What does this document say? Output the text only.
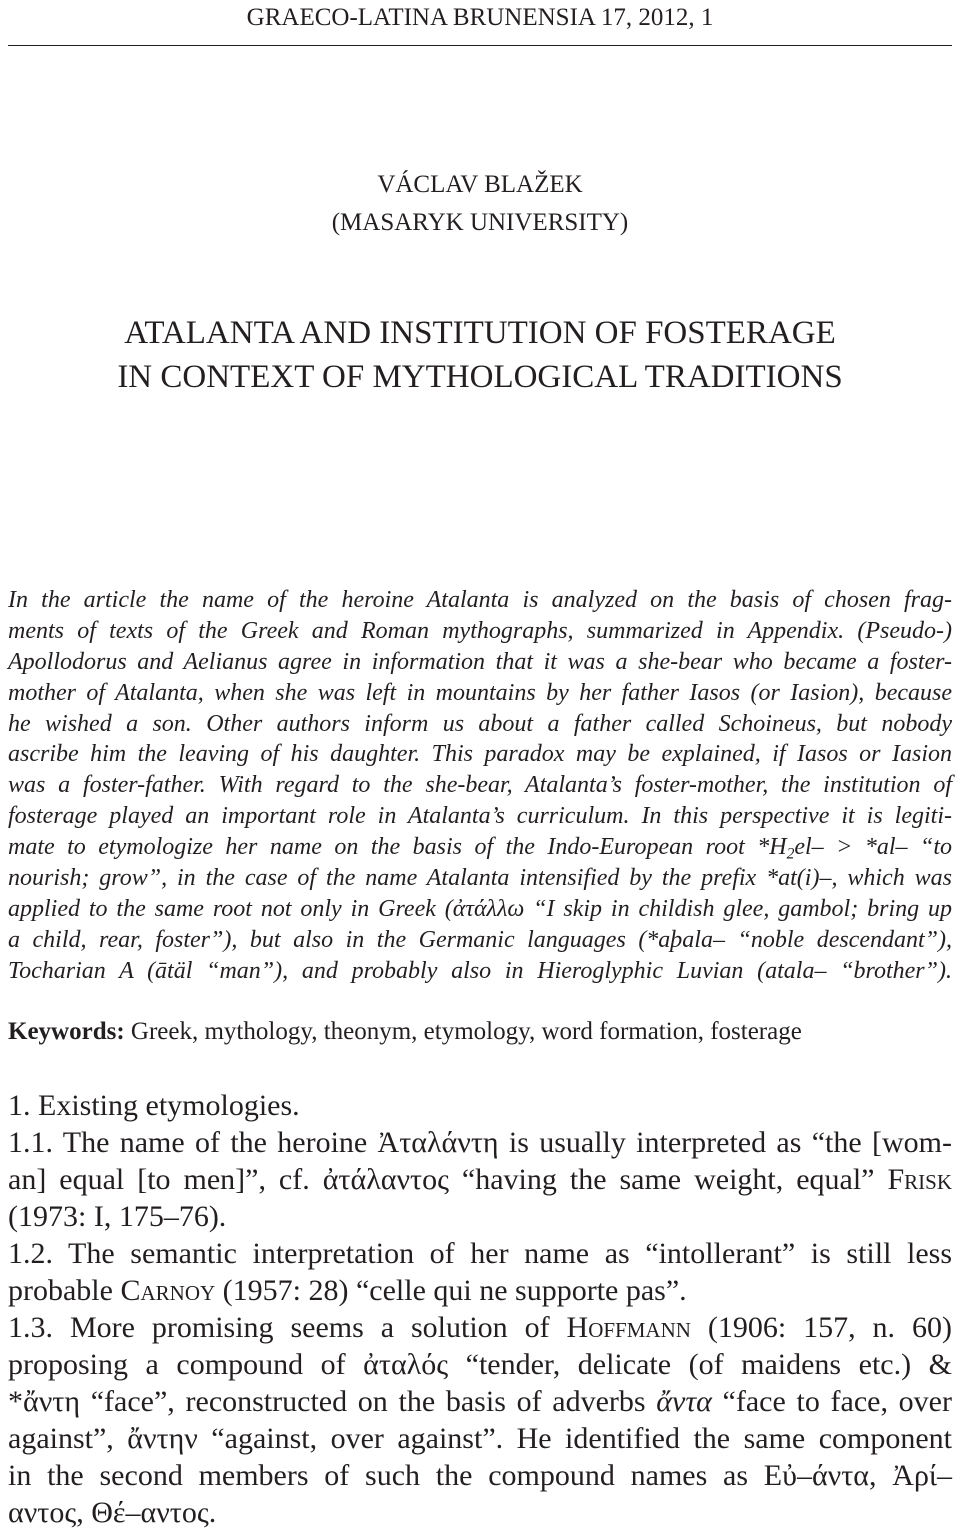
GRAECO-LATINA BRUNENSIA 17, 2012, 1
VÁCLAV BLAŽEK
(MASARYK UNIVERSITY)
ATALANTA AND INSTITUTION OF FOSTERAGE
IN CONTEXT OF MYTHOLOGICAL TRADITIONS
In the article the name of the heroine Atalanta is analyzed on the basis of chosen frag-
ments of texts of the Greek and Roman mythographs, summarized in Appendix. (Pseudo-)
Apollodorus and Aelianus agree in information that it was a she-bear who became a foster-
mother of Atalanta, when she was left in mountains by her father Iasos (or Iasion), because
he wished a son. Other authors inform us about a father called Schoineus, but nobody
ascribe him the leaving of his daughter. This paradox may be explained, if Iasos or Iasion
was a foster-father. With regard to the she-bear, Atalanta’s foster-mother, the institution of
fosterage played an important role in Atalanta’s curriculum. In this perspective it is legiti-
mate to etymologize her name on the basis of the Indo-European root $*H_2el- > *al-$ “to
nourish; grow”, in the case of the name Atalanta intensified by the prefix *at(i)–, which was
applied to the same root not only in Greek (ἀτάλλω “I skip in childish glee, gambol; bring up
a child, rear, foster”), but also in the Germanic languages (*aþala– “noble descendant”),
Tocharian A (ātäl “man”), and probably also in Hieroglyphic Luvian (atala– “brother”).
Keywords: Greek, mythology, theonym, etymology, word formation, fosterage
1. Existing etymologies.
1.1. The name of the heroine Ἀταλάντη is usually interpreted as “the [wom-
an] equal [to men]”, cf. ἀτάλαντος “having the same weight, equal” Frisk
(1973: I, 175–76).
1.2. The semantic interpretation of her name as “intollerant” is still less
probable Carnoy (1957: 28) “celle qui ne supporte pas”.
1.3. More promising seems a solution of Hoffmann (1906: 157, n. 60)
proposing a compound of ἀταλός “tender, delicate (of maidens etc.) &
*ἄντη “face”, reconstructed on the basis of adverbs ἄντα “face to face, over
against”, ἄντην “against, over against”. He identified the same component
in the second members of such the compound names as Εὐ–άντα, Ἀρί–
αντος, Θέ–αντος.
